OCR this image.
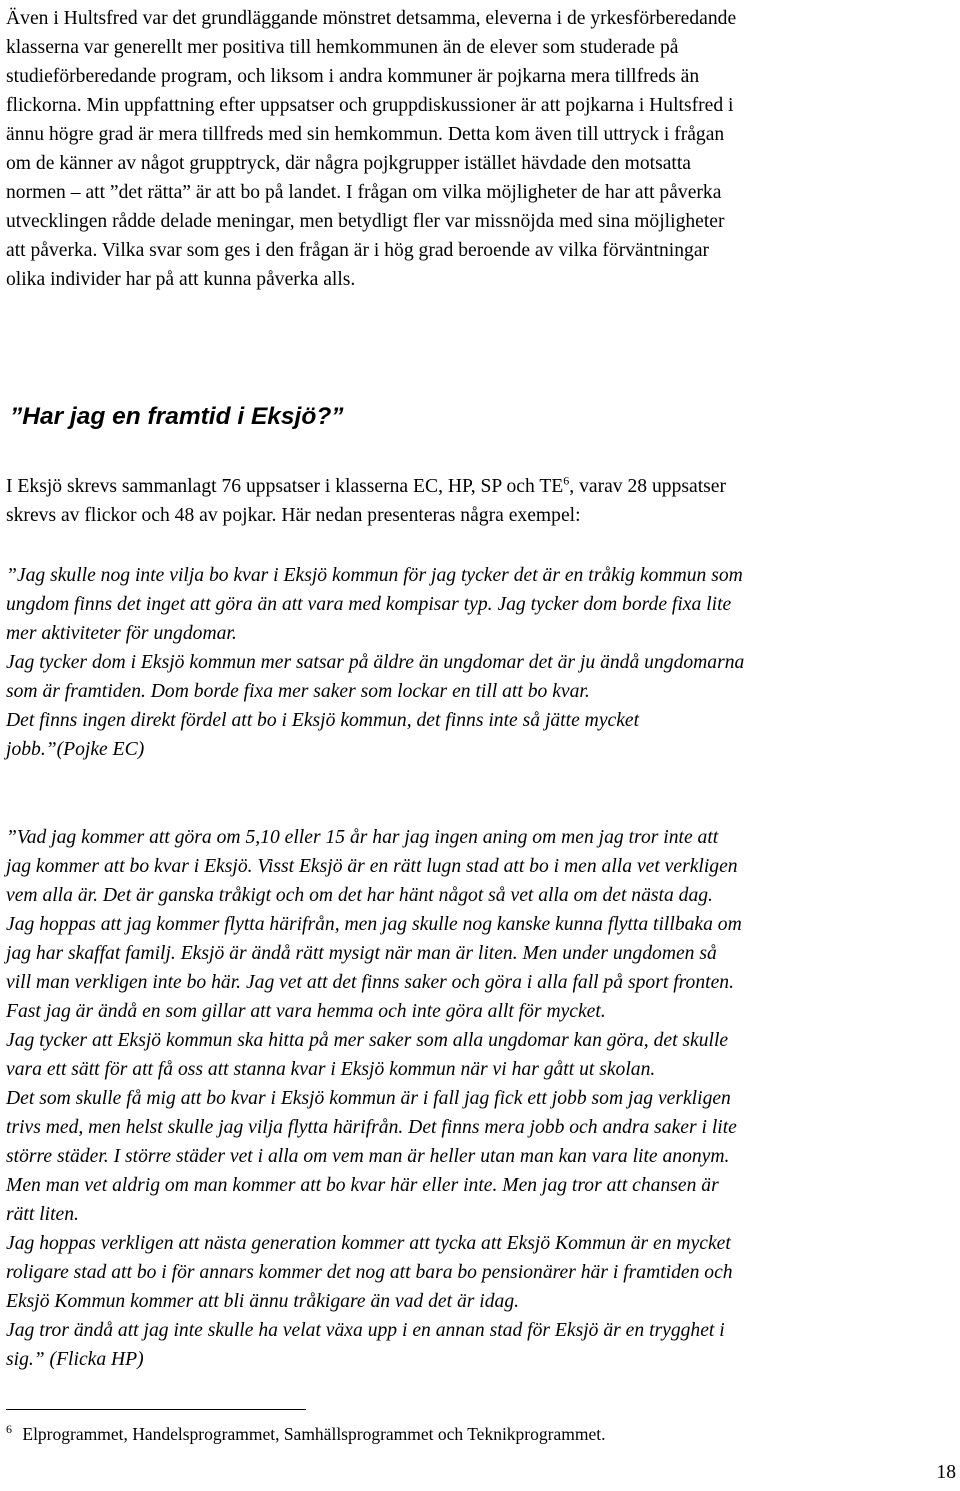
Även i Hultsfred var det grundläggande mönstret detsamma, eleverna i de yrkesförberedande
klasserna var generellt mer positiva till hemkommunen än de elever som studerade på
studieförberedande program, och liksom i andra kommuner är pojkarna mera tillfreds än
flickorna. Min uppfattning efter uppsatser och gruppdiskussioner är att pojkarna i Hultsfred i
ännu högre grad är mera tillfreds med sin hemkommun. Detta kom även till uttryck i frågan
om de känner av något grupptryck, där några pojkgrupper istället hävdade den motsatta
normen – att ”det rätta” är att bo på landet. I frågan om vilka möjligheter de har att påverka
utvecklingen rådde delade meningar, men betydligt fler var missnöjda med sina möjligheter
att påverka. Vilka svar som ges i den frågan är i hög grad beroende av vilka förväntningar
olika individer har på att kunna påverka alls.

”Har jag en framtid i Eksjö?”

I Eksjö skrevs sammanlagt 76 uppsatser i klasserna EC, HP, SP och TE$^6$, varav 28 uppsatser
skrevs av flickor och 48 av pojkar. Här nedan presenteras några exempel:

”Jag skulle nog inte vilja bo kvar i Eksjö kommun för jag tycker det är en tråkig kommun som
ungdom finns det inget att göra än att vara med kompisar typ. Jag tycker dom borde fixa lite
mer aktiviteter för ungdomar.
Jag tycker dom i Eksjö kommun mer satsar på äldre än ungdomar det är ju ändå ungdomarna
som är framtiden. Dom borde fixa mer saker som lockar en till att bo kvar.
Det finns ingen direkt fördel att bo i Eksjö kommun, det finns inte så jätte mycket
jobb.”(Pojke EC)

”Vad jag kommer att göra om 5,10 eller 15 år har jag ingen aning om men jag tror inte att
jag kommer att bo kvar i Eksjö. Visst Eksjö är en rätt lugn stad att bo i men alla vet verkligen
vem alla är. Det är ganska tråkigt och om det har hänt något så vet alla om det nästa dag.
Jag hoppas att jag kommer flytta härifrån, men jag skulle nog kanske kunna flytta tillbaka om
jag har skaffat familj. Eksjö är ändå rätt mysigt när man är liten. Men under ungdomen så
vill man verkligen inte bo här. Jag vet att det finns saker och göra i alla fall på sport fronten.
Fast jag är ändå en som gillar att vara hemma och inte göra allt för mycket.
Jag tycker att Eksjö kommun ska hitta på mer saker som alla ungdomar kan göra, det skulle
vara ett sätt för att få oss att stanna kvar i Eksjö kommun när vi har gått ut skolan.
Det som skulle få mig att bo kvar i Eksjö kommun är i fall jag fick ett jobb som jag verkligen
trivs med, men helst skulle jag vilja flytta härifrån. Det finns mera jobb och andra saker i lite
större städer. I större städer vet i alla om vem man är heller utan man kan vara lite anonym.
Men man vet aldrig om man kommer att bo kvar här eller inte. Men jag tror att chansen är
rätt liten.
Jag hoppas verkligen att nästa generation kommer att tycka att Eksjö Kommun är en mycket
roligare stad att bo i för annars kommer det nog att bara bo pensionärer här i framtiden och
Eksjö Kommun kommer att bli ännu tråkigare än vad det är idag.
Jag tror ändå att jag inte skulle ha velat växa upp i en annan stad för Eksjö är en trygghet i
sig.” (Flicka HP)

$^6$ Elprogrammet, Handelsprogrammet, Samhällsprogrammet och Teknikprogrammet.
18
